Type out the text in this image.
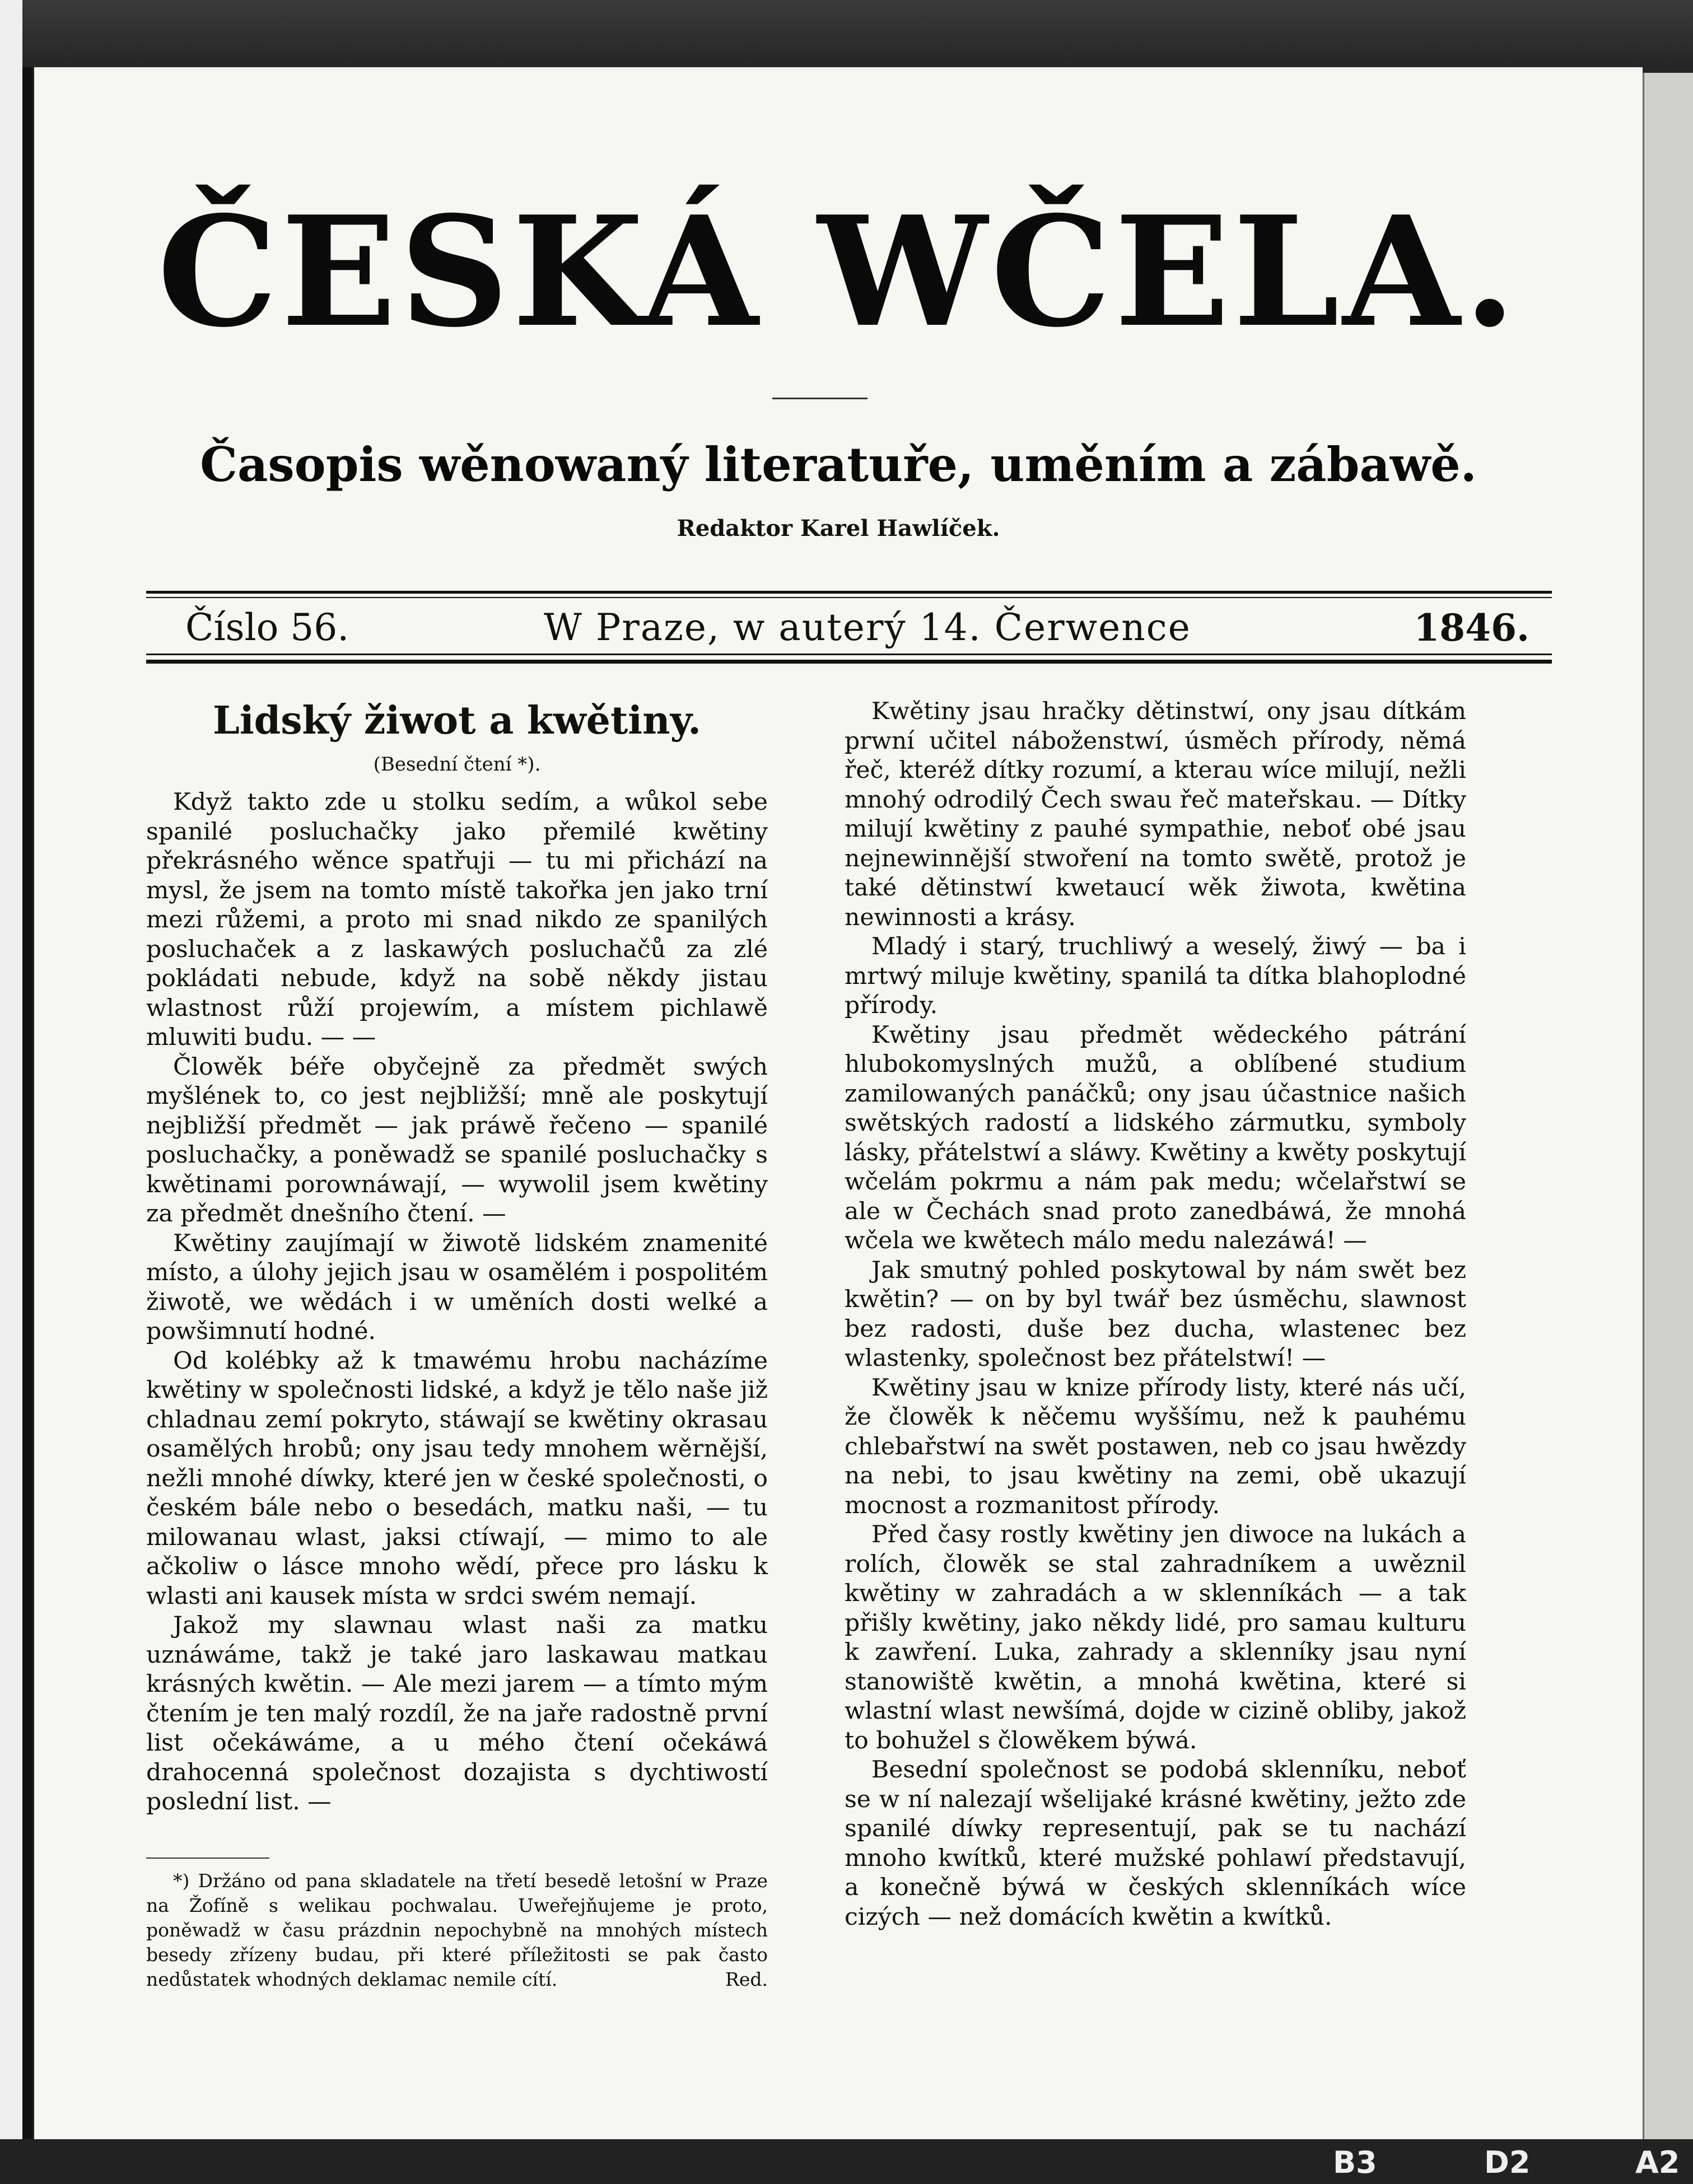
ČESKÁ WČELA.
Časopis wěnowaný literatuře, uměním a zábawě.
Redaktor Karel Hawlíček.
Číslo 56.	W Praze, w auterý 14. Čerwence	1846.
Lidský žiwot a kwětiny.
(Besední čtení *).

Když takto zde u stolku sedím, a wůkol sebe spanilé posluchačky jako přemilé kwětiny překrásného wěnce spatřuji — tu mi přichází na mysl, že jsem na tomto místě takořka jen jako trní mezi růžemi, a proto mi snad nikdo ze spanilých posluchaček a z laskawých posluchačů za zlé pokládati nebude, když na sobě někdy jistau wlastnost růží projewím, a místem pichlawě mluwiti budu. — —

Člowěk béře obyčejně za předmět swých myšlének to, co jest nejbližší; mně ale poskytují nejbližší předmět — jak práwě řečeno — spanilé posluchačky, a poněwadž se spanilé posluchačky s kwětinami porownáwají, — wywolil jsem kwětiny za předmět dnešního čtení. —

Kwětiny zaujímají w žiwotě lidském znamenité místo, a úlohy jejich jsau w osamělém i pospolitém žiwotě, we wědách i w uměních dosti welké a powšimnutí hodné.

Od kolébky až k tmawému hrobu nacházíme kwětiny w společnosti lidské, a když je tělo naše již chladnau zemí pokryto, stáwají se kwětiny okrasau osamělých hrobů; ony jsau tedy mnohem wěrnější, nežli mnohé díwky, které jen w české společnosti, o českém bále nebo o besedách, matku naši, — tu milowanau wlast, jaksi ctíwají, — mimo to ale ačkoliw o lásce mnoho wědí, přece pro lásku k wlasti ani kausek místa w srdci swém nemají.

Jakož my slawnau wlast naši za matku uznáwáme, takž je také jaro laskawau matkau krásných kwětin. — Ale mezi jarem — a tímto mým čtením je ten malý rozdíl, že na jaře radostně první list očekáwáme, a u mého čtení očekáwá drahocenná společnost dozajista s dychtiwostí poslední list. —

*) Držáno od pana skladatele na třetí besedě letošní w Praze na Žofíně s welikau pochwalau. Uweřejňujeme je proto, poněwadž w času prázdnin nepochybně na mnohých místech besedy zřízeny budau, při které příležitosti se pak často nedůstatek whodných deklamac nemile cítí.	Red.

Kwětiny jsau hračky dětinstwí, ony jsau dítkám prwní učitel náboženstwí, úsměch přírody, němá řeč, kteréž dítky rozumí, a kterau wíce milují, nežli mnohý odrodilý Čech swau řeč mateřskau. — Dítky milují kwětiny z pauhé sympathie, neboť obé jsau nejnewinnější stwoření na tomto swětě, protož je také dětinstwí kwetaucí wěk žiwota, kwětina newinnosti a krásy.

Mladý i starý, truchliwý a weselý, žiwý — ba i mrtwý miluje kwětiny, spanilá ta dítka blahoplodné přírody.

Kwětiny jsau předmět wědeckého pátrání hlubokomyslných mužů, a oblíbené studium zamilowaných panáčků; ony jsau účastnice našich swětských radostí a lidského zármutku, symboly lásky, přátelstwí a sláwy. Kwětiny a kwěty poskytují wčelám pokrmu a nám pak medu; wčelařstwí se ale w Čechách snad proto zanedbáwá, že mnohá wčela we kwětech málo medu nalezáwá! —

Jak smutný pohled poskytowal by nám swět bez kwětin? — on by byl twář bez úsměchu, slawnost bez radosti, duše bez ducha, wlastenec bez wlastenky, společnost bez přátelstwí! —

Kwětiny jsau w knize přírody listy, které nás učí, že člowěk k něčemu wyššímu, než k pauhému chlebařstwí na swět postawen, neb co jsau hwězdy na nebi, to jsau kwětiny na zemi, obě ukazují mocnost a rozmanitost přírody.

Před časy rostly kwětiny jen diwoce na lukách a rolích, člowěk se stal zahradníkem a uwěznil kwětiny w zahradách a w sklenníkách — a tak přišly kwětiny, jako někdy lidé, pro samau kulturu k zawření. Luka, zahrady a sklenníky jsau nyní stanowiště kwětin, a mnohá kwětina, které si wlastní wlast newšímá, dojde w cizině obliby, jakož to bohužel s člowěkem býwá.

Besední společnost se podobá sklenníku, neboť se w ní nalezají wšelijaké krásné kwětiny, ježto zde spanilé díwky representují, pak se tu nachází mnoho kwítků, které mužské pohlawí představují, a konečně býwá w českých sklenníkách wíce cizých — než domácích kwětin a kwítků.

B3	D2	A2
